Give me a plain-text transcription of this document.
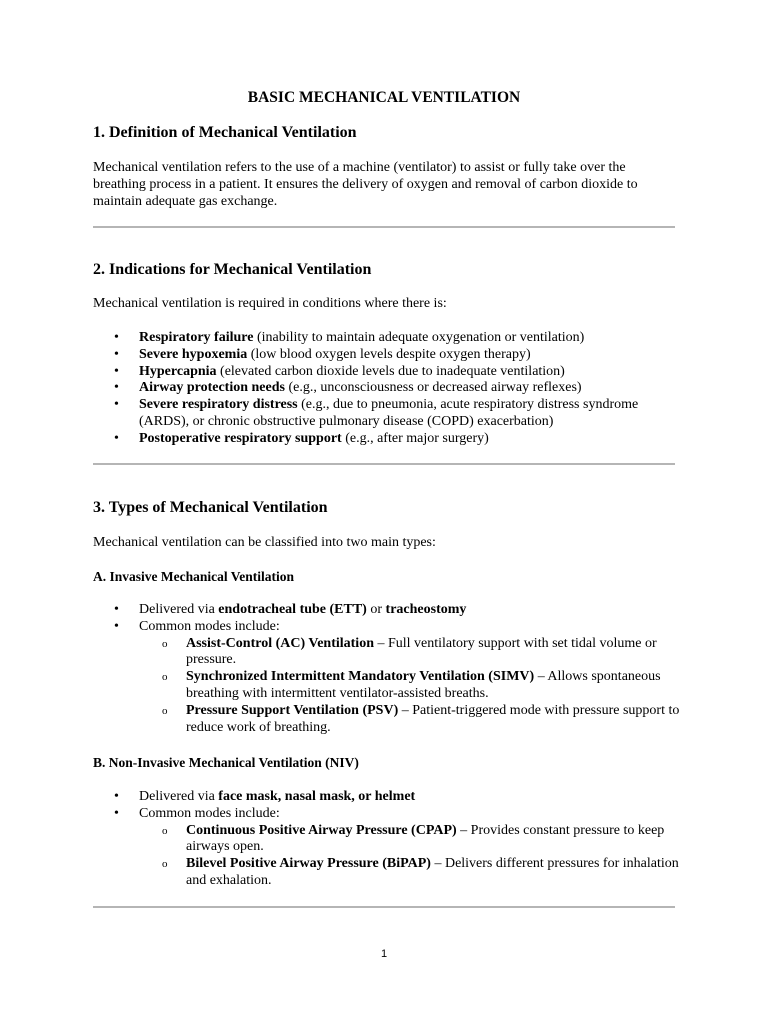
BASIC MECHANICAL VENTILATION
1. Definition of Mechanical Ventilation

Mechanical ventilation refers to the use of a machine (ventilator) to assist or fully take over the breathing process in a patient. It ensures the delivery of oxygen and removal of carbon dioxide to maintain adequate gas exchange.

2. Indications for Mechanical Ventilation

Mechanical ventilation is required in conditions where there is:

• Respiratory failure (inability to maintain adequate oxygenation or ventilation)
• Severe hypoxemia (low blood oxygen levels despite oxygen therapy)
• Hypercapnia (elevated carbon dioxide levels due to inadequate ventilation)
• Airway protection needs (e.g., unconsciousness or decreased airway reflexes)
• Severe respiratory distress (e.g., due to pneumonia, acute respiratory distress syndrome (ARDS), or chronic obstructive pulmonary disease (COPD) exacerbation)
• Postoperative respiratory support (e.g., after major surgery)
3. Types of Mechanical Ventilation

Mechanical ventilation can be classified into two main types:

A. Invasive Mechanical Ventilation
• Delivered via endotracheal tube (ETT) or tracheostomy
• Common modes include:
o Assist-Control (AC) Ventilation – Full ventilatory support with set tidal volume or pressure.
o Synchronized Intermittent Mandatory Ventilation (SIMV) – Allows spontaneous breathing with intermittent ventilator-assisted breaths.
o Pressure Support Ventilation (PSV) – Patient-triggered mode with pressure support to reduce work of breathing.
B. Non-Invasive Mechanical Ventilation (NIV)
• Delivered via face mask, nasal mask, or helmet
• Common modes include:
o Continuous Positive Airway Pressure (CPAP) – Provides constant pressure to keep airways open.
o Bilevel Positive Airway Pressure (BiPAP) – Delivers different pressures for inhalation and exhalation.
1
